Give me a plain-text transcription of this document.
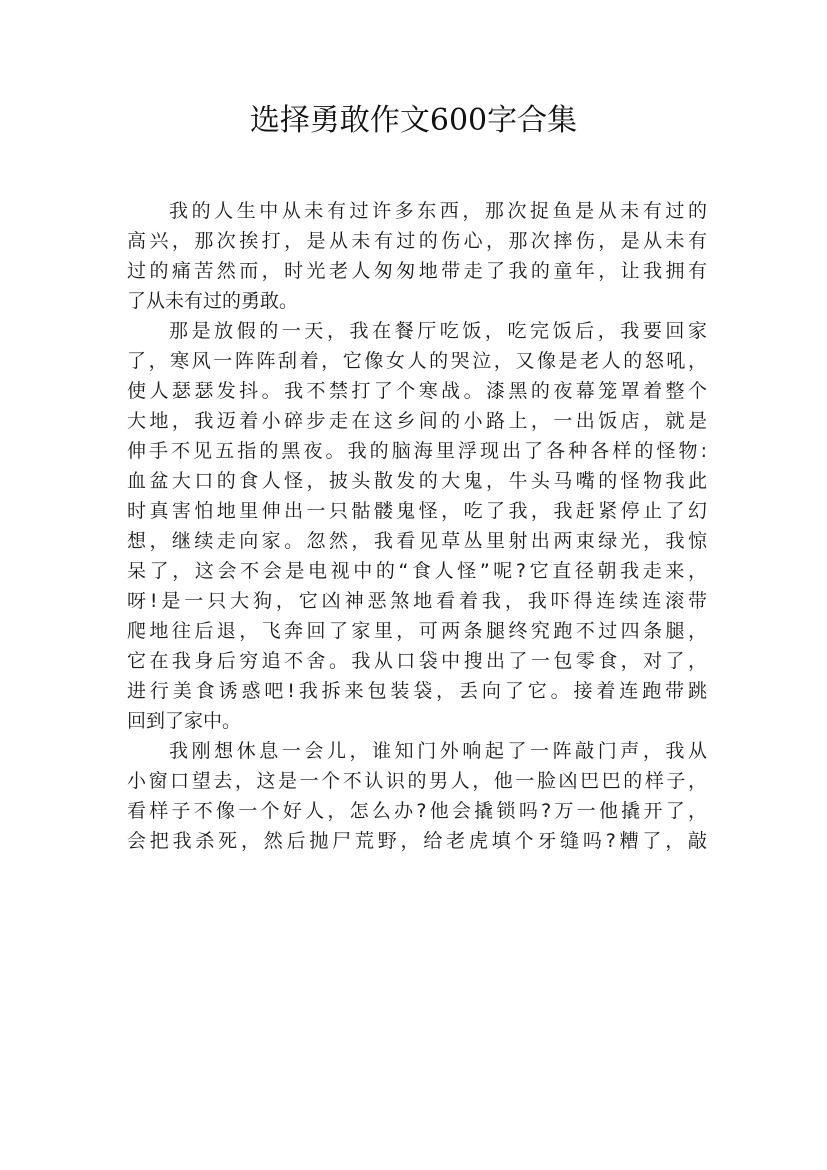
选择勇敢作文600字合集
我的人生中从未有过许多东西，那次捉鱼是从未有过的
高兴，那次挨打，是从未有过的伤心，那次摔伤，是从未有
过的痛苦然而，时光老人匆匆地带走了我的童年，让我拥有
了从未有过的勇敢。
那是放假的一天，我在餐厅吃饭，吃完饭后，我要回家
了，寒风一阵阵刮着，它像女人的哭泣，又像是老人的怒吼，
使人瑟瑟发抖。我不禁打了个寒战。漆黑的夜幕笼罩着整个
大地，我迈着小碎步走在这乡间的小路上，一出饭店，就是
伸手不见五指的黑夜。我的脑海里浮现出了各种各样的怪物:
血盆大口的食人怪，披头散发的大鬼，牛头马嘴的怪物我此
时真害怕地里伸出一只骷髅鬼怪，吃了我，我赶紧停止了幻
想，继续走向家。忽然，我看见草丛里射出两束绿光，我惊
呆了，这会不会是电视中的“食人怪”呢?它直径朝我走来，
呀!是一只大狗，它凶神恶煞地看着我，我吓得连续连滚带
爬地往后退，飞奔回了家里，可两条腿终究跑不过四条腿，
它在我身后穷追不舍。我从口袋中搜出了一包零食，对了，
进行美食诱惑吧!我拆来包装袋，丢向了它。接着连跑带跳
回到了家中。
我刚想休息一会儿，谁知门外响起了一阵敲门声，我从
小窗口望去，这是一个不认识的男人，他一脸凶巴巴的样子，
看样子不像一个好人，怎么办?他会撬锁吗?万一他撬开了，
会把我杀死，然后抛尸荒野，给老虎填个牙缝吗?糟了，敲
